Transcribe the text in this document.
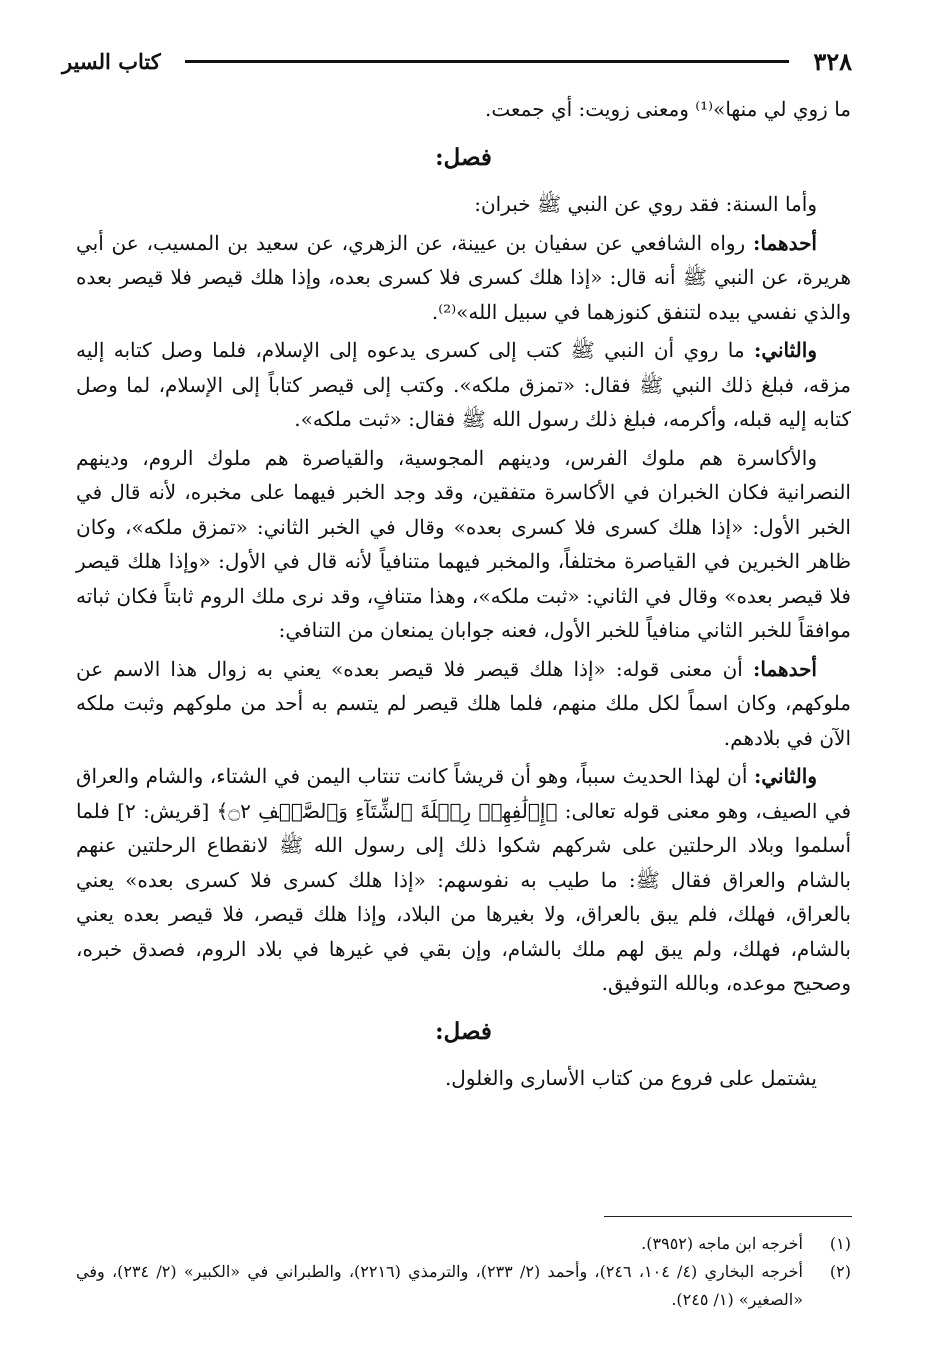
٣٢٨
كتاب السير

ما زوي لي منها»⁽¹⁾ ومعنى زويت: أي جمعت.

فصل:

وأما السنة: فقد روي عن النبي ﷺ خبران:

أحدهما: رواه الشافعي عن سفيان بن عيينة، عن الزهري، عن سعيد بن المسيب، عن أبي هريرة، عن النبي ﷺ أنه قال: «إذا هلك كسرى فلا كسرى بعده، وإذا هلك قيصر فلا قيصر بعده والذي نفسي بيده لتنفق كنوزهما في سبيل الله»⁽²⁾.

والثاني: ما روي أن النبي ﷺ كتب إلى كسرى يدعوه إلى الإسلام، فلما وصل كتابه إليه مزقه، فبلغ ذلك النبي ﷺ فقال: «تمزق ملكه». وكتب إلى قيصر كتاباً إلى الإسلام، لما وصل كتابه إليه قبله، وأكرمه، فبلغ ذلك رسول الله ﷺ فقال: «ثبت ملكه».

والأكاسرة هم ملوك الفرس، ودينهم المجوسية، والقياصرة هم ملوك الروم، ودينهم النصرانية فكان الخبران في الأكاسرة متفقين، وقد وجد الخبر فيهما على مخبره، لأنه قال في الخبر الأول: «إذا هلك كسرى فلا كسرى بعده» وقال في الخبر الثاني: «تمزق ملكه»، وكان ظاهر الخبرين في القياصرة مختلفاً، والمخبر فيهما متنافياً لأنه قال في الأول: «وإذا هلك قيصر فلا قيصر بعده» وقال في الثاني: «ثبت ملكه»، وهذا متنافٍ، وقد نرى ملك الروم ثابتاً فكان ثباته موافقاً للخبر الثاني منافياً للخبر الأول، فعنه جوابان يمنعان من التنافي:

أحدهما: أن معنى قوله: «إذا هلك قيصر فلا قيصر بعده» يعني به زوال هذا الاسم عن ملوكهم، وكان اسماً لكل ملك منهم، فلما هلك قيصر لم يتسم به أحد من ملوكهم وثبت ملكه الآن في بلادهم.

والثاني: أن لهذا الحديث سبباً، وهو أن قريشاً كانت تنتاب اليمن في الشتاء، والشام والعراق في الصيف، وهو معنى قوله تعالى: ﴿إِۦلَٰفِهِمۡ رِحۡلَةَ ٱلشِّتَآءِ وَٱلصَّيۡفِ ۝٢﴾ [قريش: ٢] فلما أسلموا وبلاد الرحلتين على شركهم شكوا ذلك إلى رسول الله ﷺ لانقطاع الرحلتين عنهم بالشام والعراق فقال ﷺ: ما طيب به نفوسهم: «إذا هلك كسرى فلا كسرى بعده» يعني بالعراق، فهلك، فلم يبق بالعراق، ولا بغيرها من البلاد، وإذا هلك قيصر، فلا قيصر بعده يعني بالشام، فهلك، ولم يبق لهم ملك بالشام، وإن بقي في غيرها في بلاد الروم، فصدق خبره، وصحيح موعده، وبالله التوفيق.

فصل:

يشتمل على فروع من كتاب الأسارى والغلول.

(١)
أخرجه ابن ماجه (٣٩٥٢).
(٢)
أخرجه البخاري (٤/ ١٠٤، ٢٤٦)، وأحمد (٢/ ٢٣٣)، والترمذي (٢٢١٦)، والطبراني في «الكبير» (٢/ ٢٣٤)، وفي «الصغير» (١/ ٢٤٥).
